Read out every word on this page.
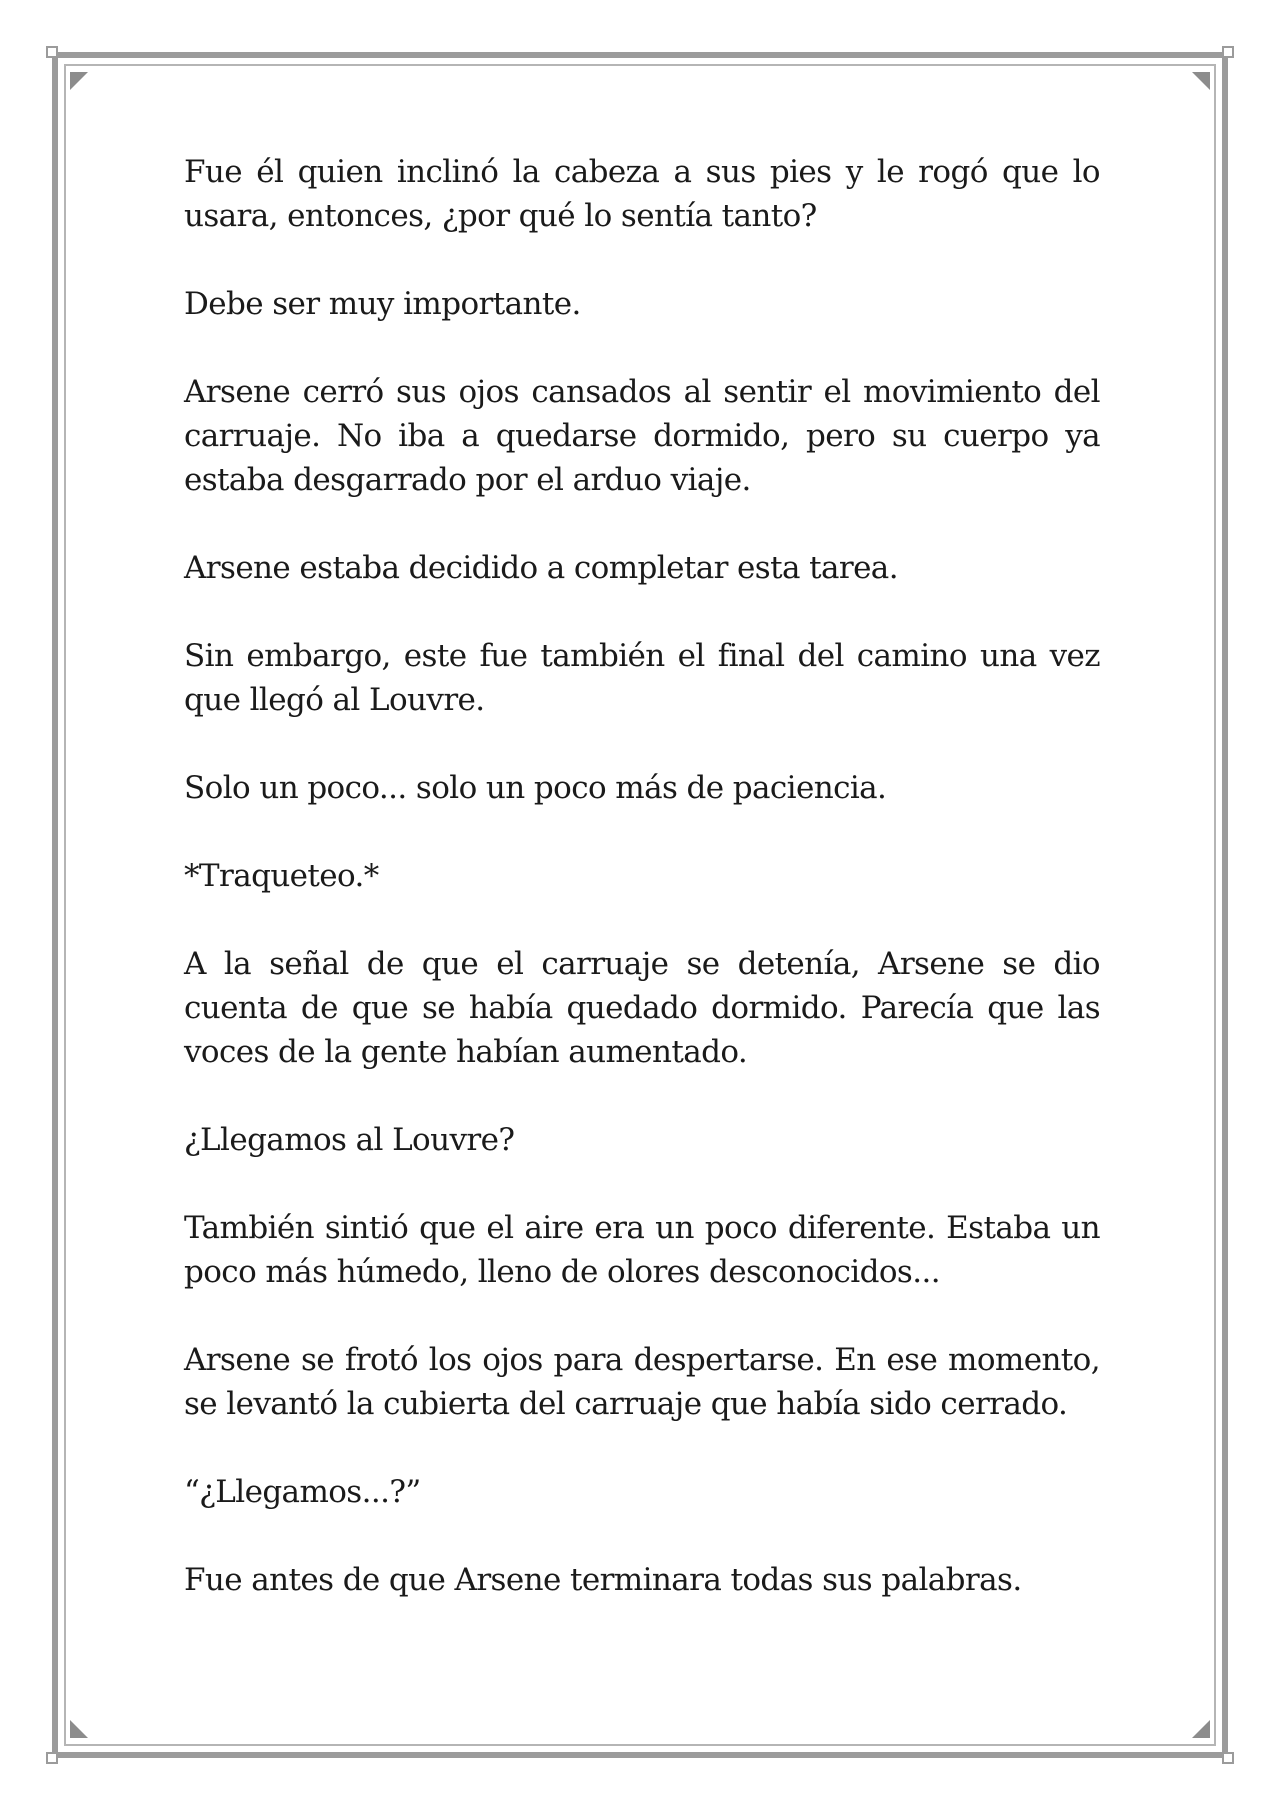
Fue él quien inclinó la cabeza a sus pies y le rogó que lo usara, entonces, ¿por qué lo sentía tanto?

Debe ser muy importante.

Arsene cerró sus ojos cansados al sentir el movimiento del carruaje. No iba a quedarse dormido, pero su cuerpo ya estaba desgarrado por el arduo viaje.

Arsene estaba decidido a completar esta tarea.

Sin embargo, este fue también el final del camino una vez que llegó al Louvre.

Solo un poco... solo un poco más de paciencia.

*Traqueteo.*

A la señal de que el carruaje se detenía, Arsene se dio cuenta de que se había quedado dormido. Parecía que las voces de la gente habían aumentado.

¿Llegamos al Louvre?

También sintió que el aire era un poco diferente. Estaba un poco más húmedo, lleno de olores desconocidos...

Arsene se frotó los ojos para despertarse. En ese momento, se levantó la cubierta del carruaje que había sido cerrado.

“¿Llegamos...?”

Fue antes de que Arsene terminara todas sus palabras.
